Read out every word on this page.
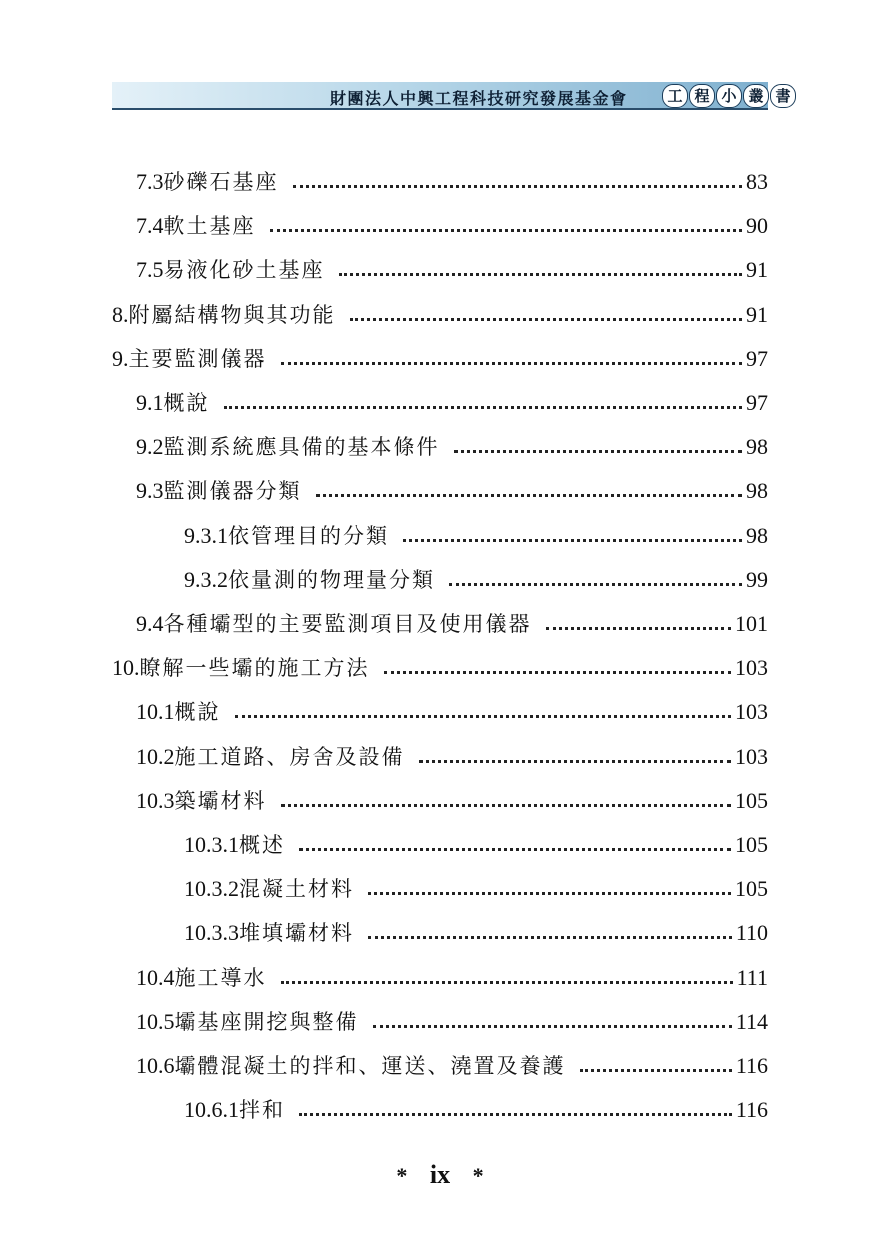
財團法人中興工程科技研究發展基金會	工 程 小 叢 書
7.3 砂礫石基座	83
7.4 軟土基座	90
7.5 易液化砂土基座	91
8. 附屬結構物與其功能	91
9. 主要監測儀器	97
9.1 概說	97
9.2 監測系統應具備的基本條件	98
9.3 監測儀器分類	98
9.3.1 依管理目的分類	98
9.3.2 依量測的物理量分類	99
9.4 各種壩型的主要監測項目及使用儀器	101
10. 瞭解一些壩的施工方法	103
10.1 概說	103
10.2 施工道路、房舍及設備	103
10.3 築壩材料	105
10.3.1 概述	105
10.3.2 混凝土材料	105
10.3.3 堆填壩材料	110
10.4 施工導水	111
10.5 壩基座開挖與整備	114
10.6 壩體混凝土的拌和、運送、澆置及養護	116
10.6.1 拌和	116
* ix *
